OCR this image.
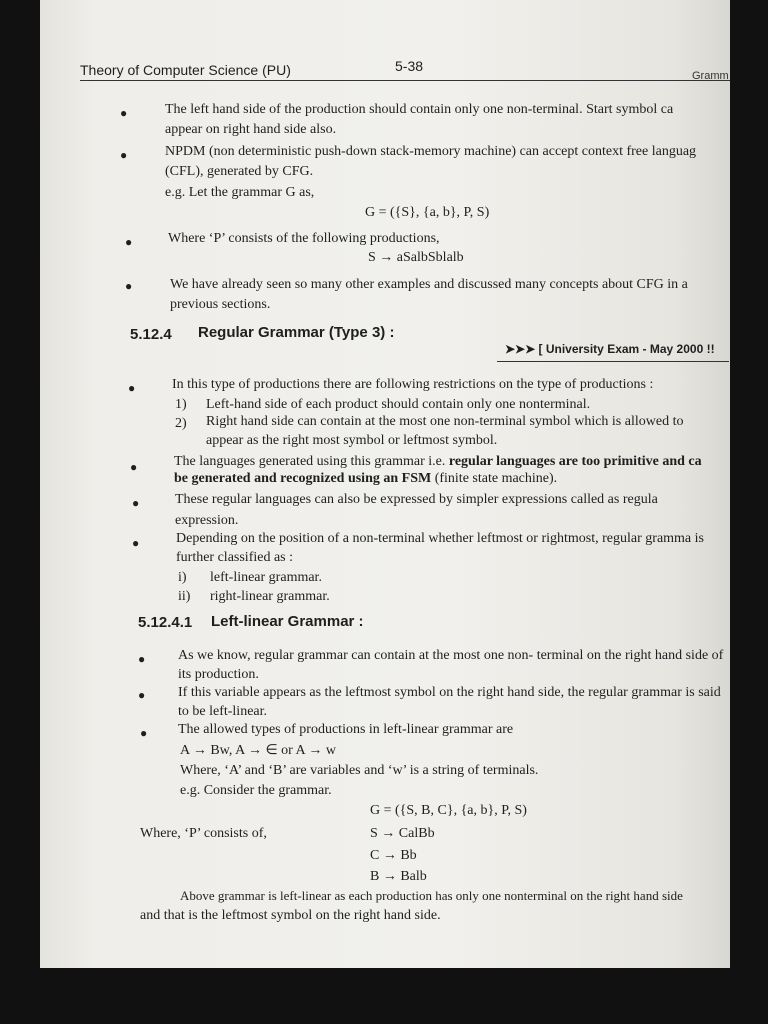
Theory of Computer Science (PU)	5-38
Gramm
●	The left hand side of the production should contain only one non-terminal. Start symbol ca
appear on right hand side also.
●	NPDM (non deterministic push-down stack-memory machine) can accept context free languag
(CFL), generated by CFG.
e.g. Let the grammar G as,
G = ({S}, {a, b}, P, S)
●	Where ‘P’ consists of the following productions,
S → aSalbSblalb
●	We have already seen so many other examples and discussed many concepts about CFG in a
previous sections.
5.12.4 Regular Grammar (Type 3) :
➤➤➤ [ University Exam - May 2000 !!
●	In this type of productions there are following restrictions on the type of productions :
1) Left-hand side of each product should contain only one nonterminal.
2) Right hand side can contain at the most one non-terminal symbol which is allowed to
appear as the right most symbol or leftmost symbol.
●	The languages generated using this grammar i.e. regular languages are too primitive and ca
be generated and recognized using an FSM (finite state machine).
●	These regular languages can also be expressed by simpler expressions called as regula
expression.
●	Depending on the position of a non-terminal whether leftmost or rightmost, regular gramma is
further classified as :
i) left-linear grammar.
ii) right-linear grammar.
5.12.4.1 Left-linear Grammar :
● As we know, regular grammar can contain at the most one non- terminal on the right hand side of
its production.
● If this variable appears as the leftmost symbol on the right hand side, the regular grammar is said
to be left-linear.
● The allowed types of productions in left-linear grammar are
A → Bw, A → ∈ or A → w
Where, ‘A’ and ‘B’ are variables and ‘w’ is a string of terminals.
e.g. Consider the grammar.
G = ({S, B, C}, {a, b}, P, S)
Where, ‘P’ consists of,	S → CalBb
C → Bb
B → Balb
Above grammar is left-linear as each production has only one nonterminal on the right hand side
and that is the leftmost symbol on the right hand side.
